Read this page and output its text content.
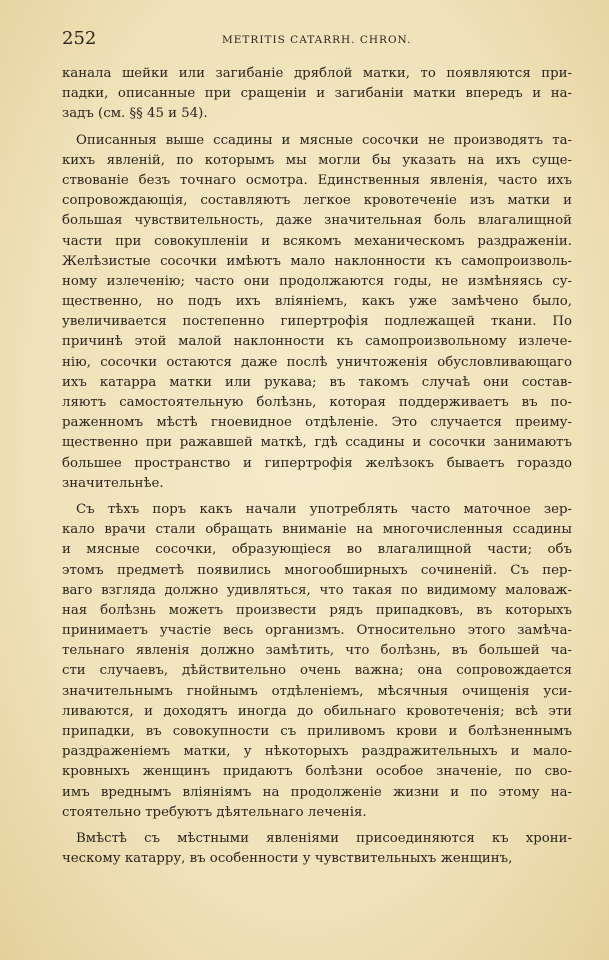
252	METRITIS CATARRH. CHRON.
канала шейки или загибаніе дряблой матки, то появляются при-
падки, описанные при сращеніи и загибаніи матки впередъ и на-
задъ (см. §§ 45 и 54).
Описанныя выше ссадины и мясные сосочки не производятъ та-
кихъ явленій, по которымъ мы могли бы указать на ихъ суще-
ствованіе безъ точнаго осмотра. Единственныя явленія, часто ихъ
сопровождающія, составляютъ легкое кровотеченіе изъ матки и
большая чувствительность, даже значительная боль влагалищной
части при совокупленіи и всякомъ механическомъ раздраженіи.
Желѣзистые сосочки имѣютъ мало наклонности къ самопроизволь-
ному излеченію; часто они продолжаются годы, не измѣняясь су-
щественно, но подъ ихъ вліяніемъ, какъ уже замѣчено было,
увеличивается постепенно гипертрофія подлежащей ткани. По
причинѣ этой малой наклонности къ самопроизвольному излече-
нію, сосочки остаются даже послѣ уничтоженія обусловливающаго
ихъ катарра матки или рукава; въ такомъ случаѣ они состав-
ляютъ самостоятельную болѣзнь, которая поддерживаетъ въ по-
раженномъ мѣстѣ гноевидное отдѣленіе. Это случается преиму-
щественно при ражавшей маткѣ, гдѣ ссадины и сосочки занимаютъ
большее пространство и гипертрофія желѣзокъ бываетъ гораздо
значительнѣе.
Съ тѣхъ поръ какъ начали употреблять часто маточное зер-
кало врачи стали обращать вниманіе на многочисленныя ссадины
и мясные сосочки, образующіеся во влагалищной части; объ
этомъ предметѣ появились многообширныхъ сочиненій. Съ пер-
ваго взгляда должно удивляться, что такая по видимому маловаж-
ная болѣзнь можетъ произвести рядъ припадковъ, въ которыхъ
принимаетъ участіе весь организмъ. Относительно этого замѣча-
тельнаго явленія должно замѣтить, что болѣзнь, въ большей ча-
сти случаевъ, дѣйствительно очень важна; она сопровождается
значительнымъ гнойнымъ отдѣленіемъ, мѣсячныя очищенія уси-
ливаются, и доходятъ иногда до обильнаго кровотеченія; всѣ эти
припадки, въ совокупности съ приливомъ крови и болѣзненнымъ
раздраженіемъ матки, у нѣкоторыхъ раздражительныхъ и мало-
кровныхъ женщинъ придаютъ болѣзни особое значеніе, по сво-
имъ вреднымъ вліяніямъ на продолженіе жизни и по этому на-
стоятельно требуютъ дѣятельнаго леченія.
Вмѣстѣ съ мѣстными явленіями присоединяются къ хрони-
ческому катарру, въ особенности у чувствительныхъ женщинъ,
